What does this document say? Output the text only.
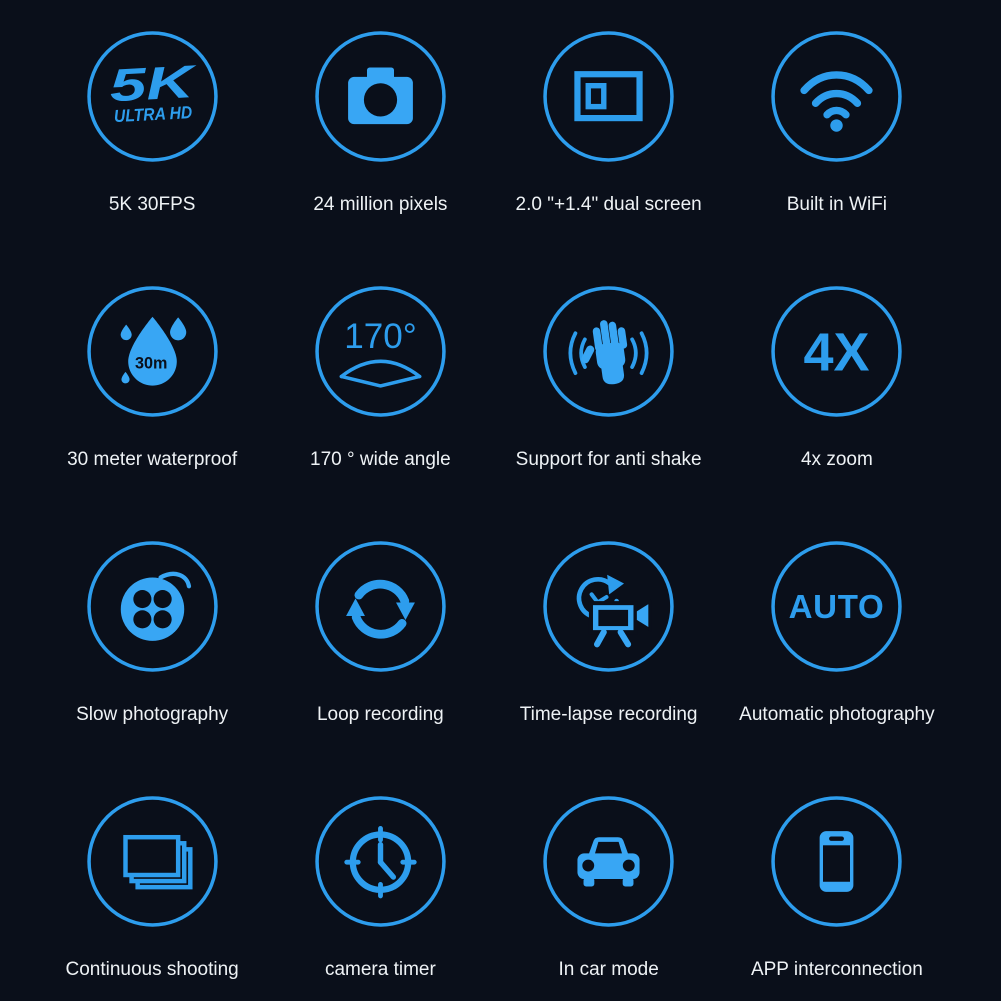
5K
ULTRA HD
5K 30FPS	24 million pixels	2.0 "+1.4" dual screen	Built in WiFi
30m
30 meter waterproof
170°
170 ° wide angle	Support for anti shake
4X
4x zoom
Slow photography	Loop recording	Time-lapse recording
AUTO
Automatic photography
Continuous shooting	camera timer	In car mode	APP interconnection
